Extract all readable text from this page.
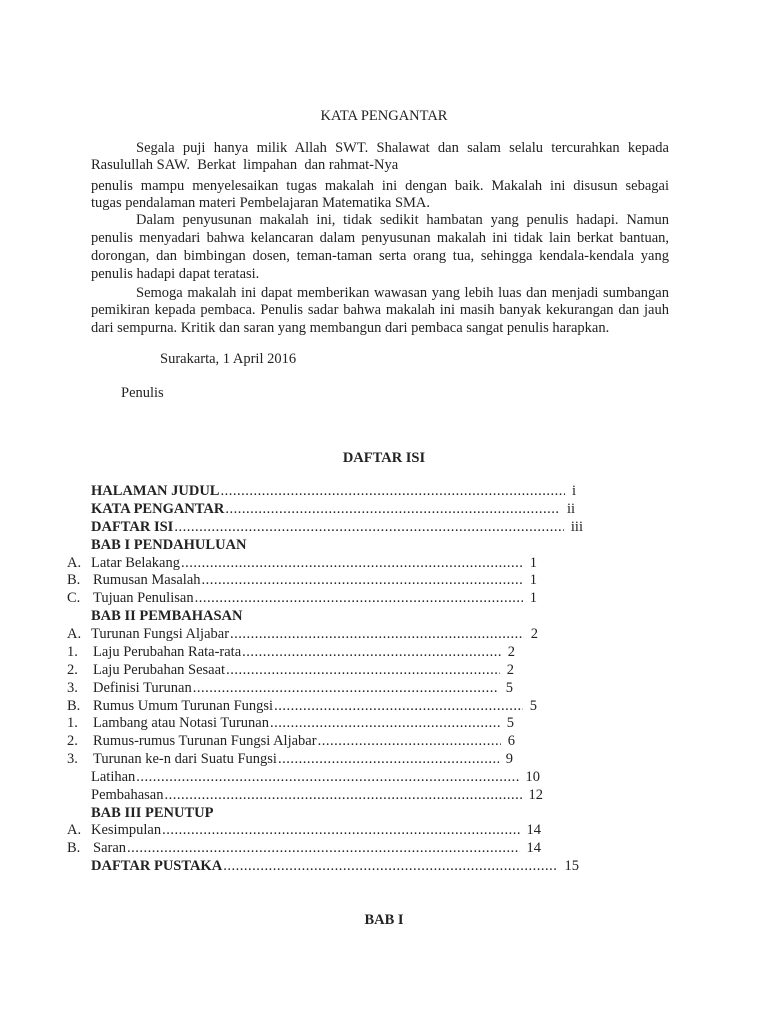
KATA PENGANTAR
Segala puji hanya milik Allah SWT. Shalawat dan salam selalu tercurahkan kepada
Rasulullah SAW.  Berkat  limpahan  dan rahmat-Nya
penulis mampu menyelesaikan tugas makalah ini dengan baik. Makalah ini disusun sebagai
tugas pendalaman materi Pembelajaran Matematika SMA.
Dalam penyusunan makalah ini, tidak sedikit hambatan yang penulis hadapi. Namun
penulis menyadari bahwa kelancaran dalam penyusunan makalah ini tidak lain berkat bantuan,
dorongan, dan bimbingan dosen, teman-taman serta orang tua, sehingga kendala-kendala yang
penulis hadapi dapat teratasi.
Semoga makalah ini dapat memberikan wawasan yang lebih luas dan menjadi sumbangan
pemikiran kepada pembaca. Penulis sadar bahwa makalah ini masih banyak kekurangan dan jauh
dari sempurna. Kritik dan saran yang membangun dari pembaca sangat penulis harapkan.
Surakarta, 1 April 2016
Penulis
DAFTAR ISI
HALAMAN JUDUL .....	i
KATA PENGANTAR .....	ii
DAFTAR ISI .....	iii
BAB I PENDAHULUAN
A. Latar Belakang .....	1
B. Rumusan Masalah .....	1
C. Tujuan Penulisan .....	1
BAB II PEMBAHASAN
A. Turunan Fungsi Aljabar .....	2
1. Laju Perubahan Rata-rata .....	2
2. Laju Perubahan Sesaat .....	2
3. Definisi Turunan .....	5
B. Rumus Umum Turunan Fungsi .....	5
1. Lambang atau Notasi Turunan .....	5
2. Rumus-rumus Turunan Fungsi Aljabar .....	6
3. Turunan ke-n dari Suatu Fungsi .....	9
Latihan .....	10
Pembahasan .....	12
BAB III PENUTUP
A. Kesimpulan .....	14
B. Saran .....	14
DAFTAR PUSTAKA .....	15
BAB I
